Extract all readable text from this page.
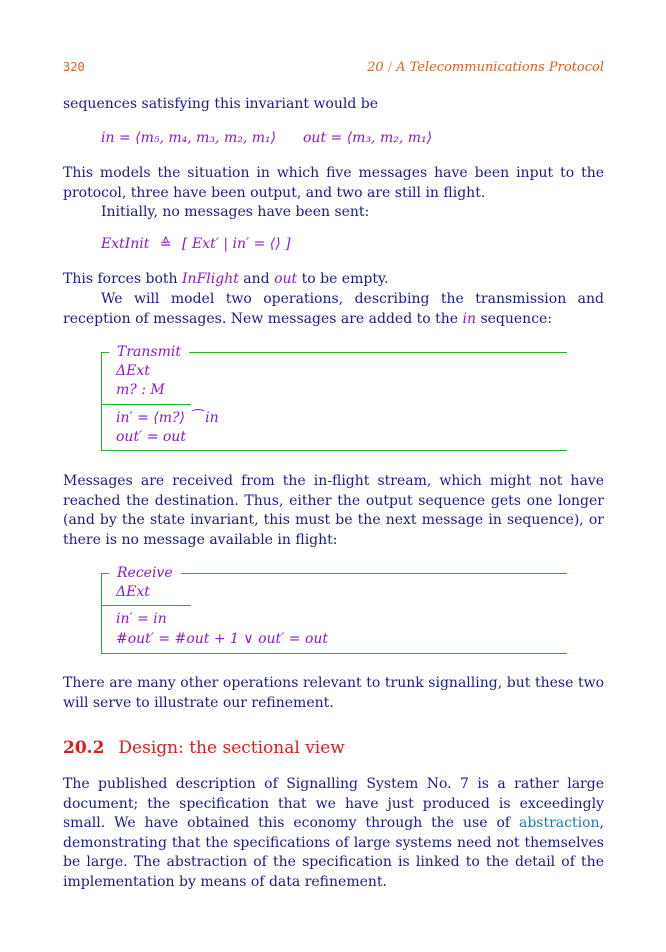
320	20 / A Telecommunications Protocol
sequences satisfying this invariant would be
in = ⟨m₅, m₄, m₃, m₂, m₁⟩ out = ⟨m₃, m₂, m₁⟩
This models the situation in which five messages have been input to the protocol, three have been output, and two are still in flight.
Initially, no messages have been sent:
ExtInit ≙ [ Ext′ | in′ = ⟨⟩ ]
This forces both InFlight and out to be empty.
We will model two operations, describing the transmission and reception of messages. New messages are added to the in sequence:
Transmit
ΔExt
m? : M
in′ = ⟨m?⟩ ⁀ in
out′ = out
Messages are received from the in-flight stream, which might not have reached the destination. Thus, either the output sequence gets one longer (and by the state invariant, this must be the next message in sequence), or there is no message available in flight:
Receive
ΔExt
in′ = in
#out′ = #out + 1 ∨ out′ = out
There are many other operations relevant to trunk signalling, but these two will serve to illustrate our refinement.
20.2 Design: the sectional view
The published description of Signalling System No. 7 is a rather large document; the specification that we have just produced is exceedingly small. We have obtained this economy through the use of abstraction, demonstrating that the specifications of large systems need not themselves be large. The abstraction of the specification is linked to the detail of the implementation by means of data refinement.
